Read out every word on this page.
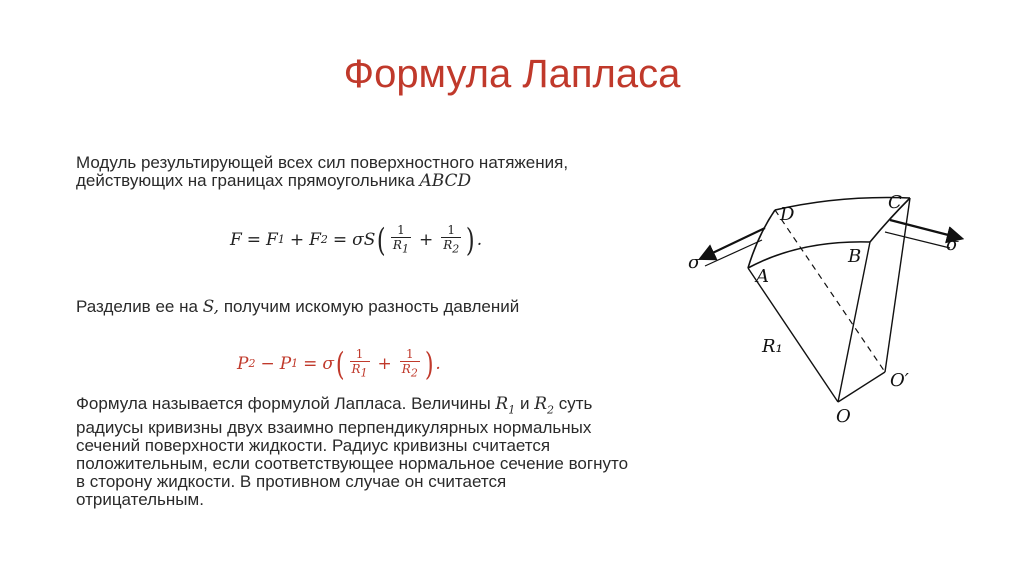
Формула Лапласа
Модуль результирующей всех сил поверхностного натяжения, действующих на границах прямоугольника ABCD
F = F 1 + F 2 = σS ( $\frac{1}{R_1} + \frac{1}{R_2}$ ) .
Разделив ее на S, получим искомую разность давлений
P 2 − P 1 = σ ( $\frac{1}{R_1} + \frac{1}{R_2}$ ) .
Формула называется формулой Лапласа. Величины $R_1$ и $R_2$ суть радиусы кривизны двух взаимно перпендикулярных нормальных сечений поверхности жидкости. Радиус кривизны считается положительным, если соответствующее нормальное сечение вогнуто в сторону жидкости. В противном случае он считается отрицательным.
D
C
A
B
σ
σ
R₁
O′
O
